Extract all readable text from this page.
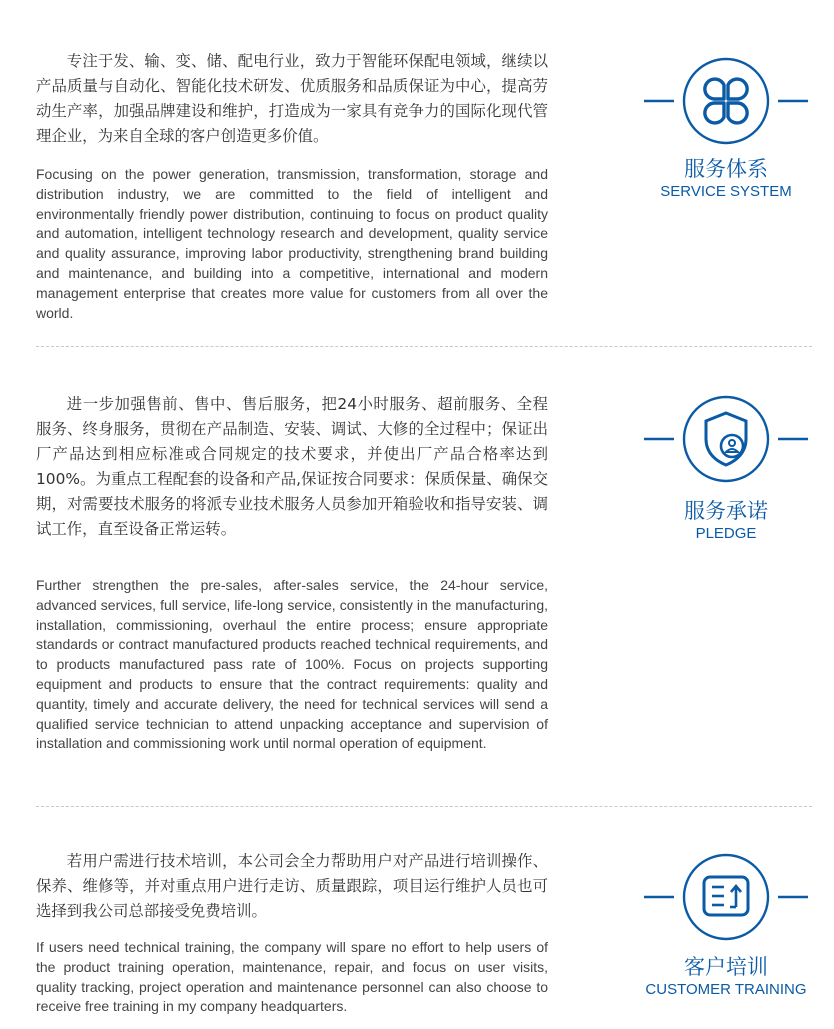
专注于发、输、变、储、配电行业，致力于智能环保配电领域，继续以产品质量与自动化、智能化技术研发、优质服务和品质保证为中心，提高劳动生产率，加强品牌建设和维护，打造成为一家具有竞争力的国际化现代管理企业，为来自全球的客户创造更多价值。

Focusing on the power generation, transmission, transformation, storage and distribution industry, we are committed to the field of intelligent and environmentally friendly power distribution, continuing to focus on product quality and automation, intelligent technology research and development, quality service and quality assurance, improving labor productivity, strengthening brand building and maintenance, and building into a competitive, international and modern management enterprise that creates more value for customers from all over the world.

服务体系
SERVICE SYSTEM

进一步加强售前、售中、售后服务，把24小时服务、超前服务、全程服务、终身服务，贯彻在产品制造、安装、调试、大修的全过程中；保证出厂产品达到相应标准或合同规定的技术要求，并使出厂产品合格率达到100%。为重点工程配套的设备和产品,保证按合同要求：保质保量、确保交期，对需要技术服务的将派专业技术服务人员参加开箱验收和指导安装、调试工作，直至设备正常运转。

Further strengthen the pre-sales, after-sales service, the 24-hour service, advanced services, full service, life-long service, consistently in the manufacturing, installation, commissioning, overhaul the entire process; ensure appropriate standards or contract manufactured products reached technical requirements, and to products manufactured pass rate of 100%. Focus on projects supporting equipment and products to ensure that the contract requirements: quality and quantity, timely and accurate delivery, the need for technical services will send a qualified service technician to attend unpacking acceptance and supervision of installation and commissioning work until normal operation of equipment.

服务承诺
PLEDGE

若用户需进行技术培训，本公司会全力帮助用户对产品进行培训操作、保养、维修等，并对重点用户进行走访、质量跟踪，项目运行维护人员也可选择到我公司总部接受免费培训。

If users need technical training, the company will spare no effort to help users of the product training operation, maintenance, repair, and focus on user visits, quality tracking, project operation and maintenance personnel can also choose to receive free training in my company headquarters.

客户培训
CUSTOMER TRAINING
